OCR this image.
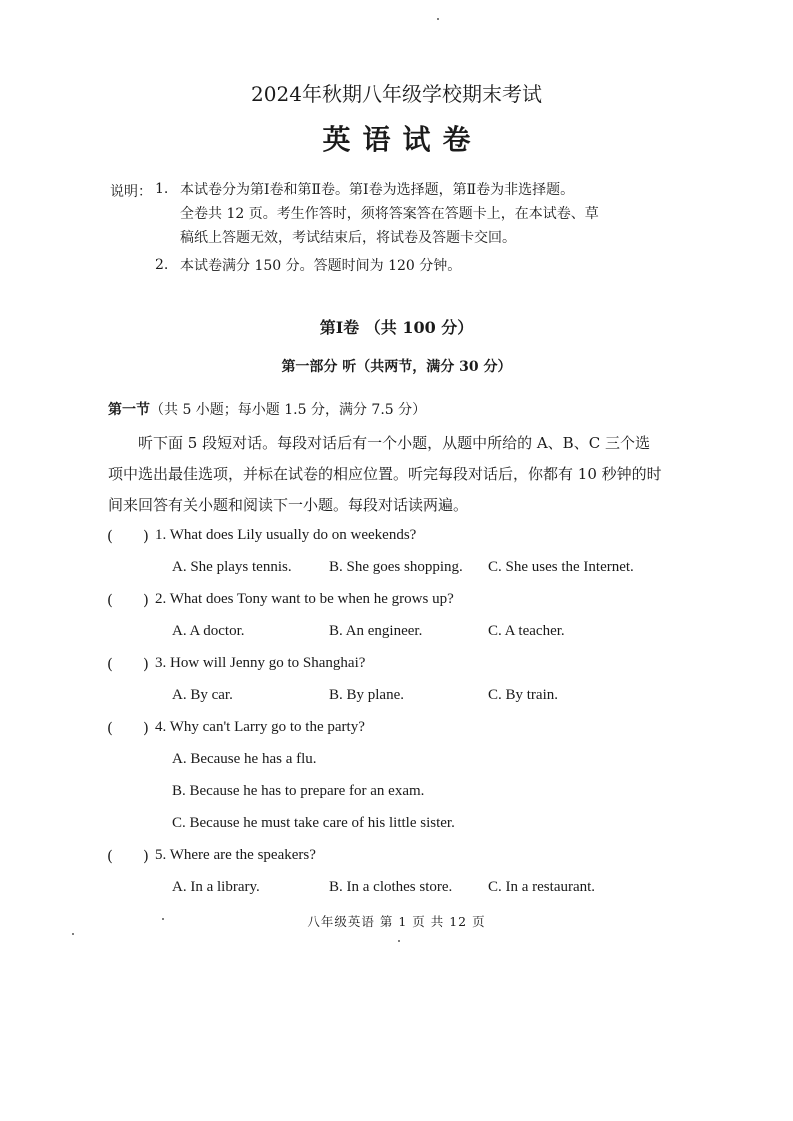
2024年秋期八年级学校期末考试
英语试卷
说明： 1. 本试卷分为第Ⅰ卷和第Ⅱ卷。第Ⅰ卷为选择题，第Ⅱ卷为非选择题。
全卷共 12 页。考生作答时，须将答案答在答题卡上，在本试卷、草
稿纸上答题无效，考试结束后，将试卷及答题卡交回。
2. 本试卷满分 150 分。答题时间为 120 分钟。
第Ⅰ卷 （共 100 分）
第一部分 听（共两节，满分 30 分）
第一节（共 5 小题；每小题 1.5 分，满分 7.5 分）
听下面 5 段短对话。每段对话后有一个小题，从题中所给的 A、B、C 三个选项中选出最佳选项，并标在试卷的相应位置。听完每段对话后，你都有 10 秒钟的时间来回答有关小题和阅读下一小题。每段对话读两遍。
( ) 1. What does Lily usually do on weekends?
A. She plays tennis. B. She goes shopping. C. She uses the Internet.
( ) 2. What does Tony want to be when he grows up?
A. A doctor.	B. An engineer.	C. A teacher.
( ) 3. How will Jenny go to Shanghai?
A. By car.	B. By plane.	C. By train.
( ) 4. Why can't Larry go to the party?
A. Because he has a flu.
B. Because he has to prepare for an exam.
C. Because he must take care of his little sister.
( ) 5. Where are the speakers?
A. In a library.	B. In a clothes store. C. In a restaurant.
八年级英语 第 1 页 共 12 页
